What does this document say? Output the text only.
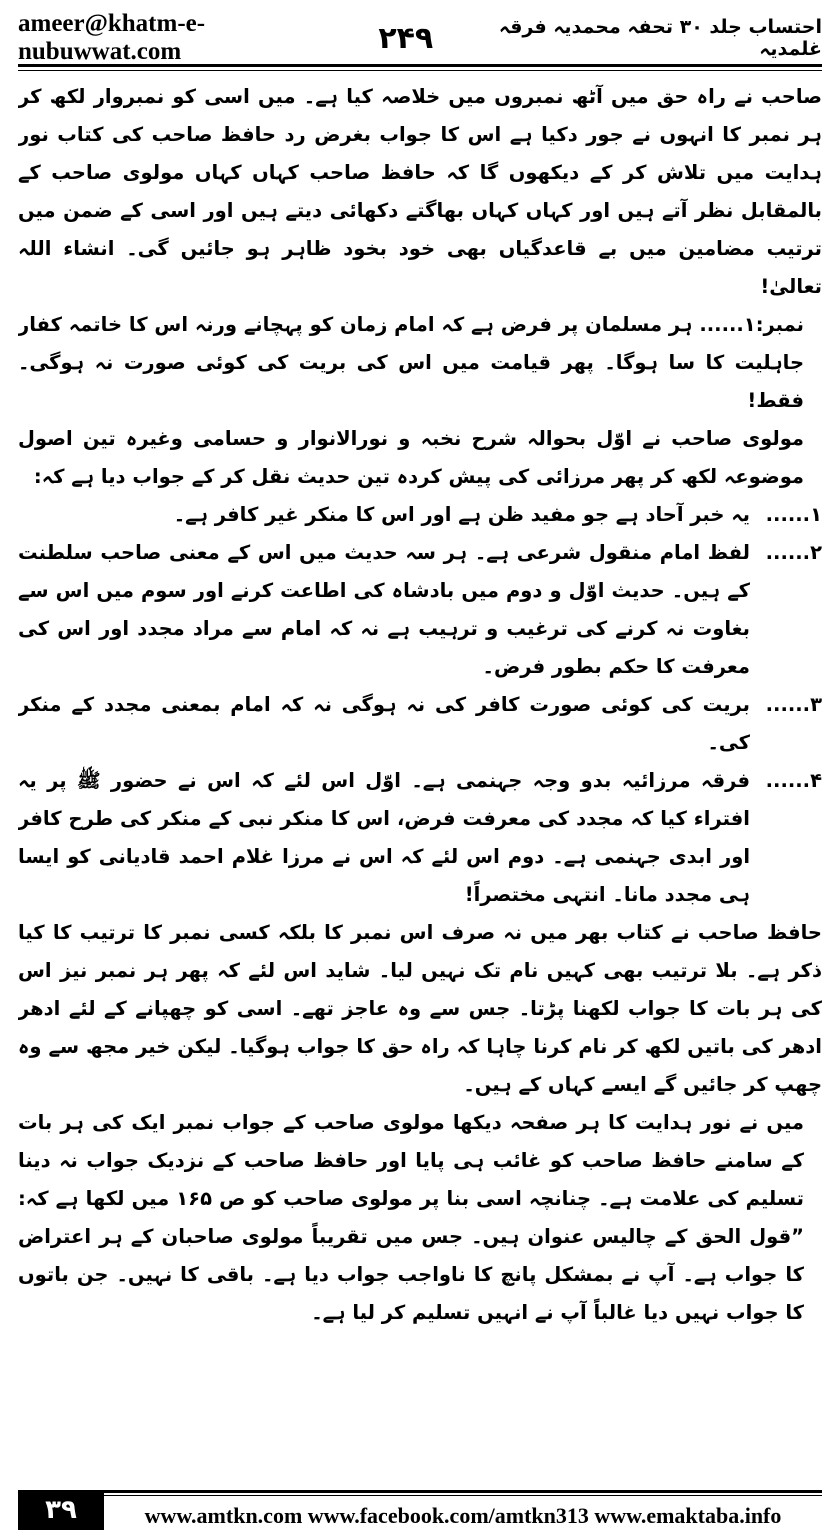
ameer@khatm-e-nubuwwat.com	۲۴۹	احتساب جلد ۳۰ تحفہ محمدیہ فرقہ غلمدیہ

صاحب نے راہ حق میں آٹھ نمبروں میں خلاصہ کیا ہے۔ میں اسی کو نمبروار لکھ کر ہر نمبر کا انہوں نے جور دکیا ہے اس کا جواب بغرض رد حافظ صاحب کی کتاب نور ہدایت میں تلاش کر کے دیکھوں گا کہ حافظ صاحب کہاں کہاں مولوی صاحب کے بالمقابل نظر آتے ہیں اور کہاں کہاں بھاگتے دکھائی دیتے ہیں اور اسی کے ضمن میں ترتیب مضامین میں بے قاعدگیاں بھی خود بخود ظاہر ہو جائیں گی۔ انشاء اللہ تعالیٰ!

نمبر:۱...... ہر مسلمان پر فرض ہے کہ امام زمان کو پہچانے ورنہ اس کا خاتمہ کفار جاہلیت کا سا ہوگا۔ پھر قیامت میں اس کی بریت کی کوئی صورت نہ ہوگی۔ فقط!

مولوی صاحب نے اوّل بحوالہ شرح نخبہ و نورالانوار و حسامی وغیرہ تین اصول موضوعہ لکھ کر پھر مرزائی کی پیش کردہ تین حدیث نقل کر کے جواب دیا ہے کہ:

۱......
یہ خبر آحاد ہے جو مفید ظن ہے اور اس کا منکر غیر کافر ہے۔
۲......
لفظ امام منقول شرعی ہے۔ ہر سہ حدیث میں اس کے معنی صاحب سلطنت کے ہیں۔ حدیث اوّل و دوم میں بادشاہ کی اطاعت کرنے اور سوم میں اس سے بغاوت نہ کرنے کی ترغیب و ترہیب ہے نہ کہ امام سے مراد مجدد اور اس کی معرفت کا حکم بطور فرض۔
۳......
بریت کی کوئی صورت کافر کی نہ ہوگی نہ کہ امام بمعنی مجدد کے منکر کی۔
۴......
فرقہ مرزائیہ بدو وجہ جہنمی ہے۔ اوّل اس لئے کہ اس نے حضور ﷺ پر یہ افتراء کیا کہ مجدد کی معرفت فرض، اس کا منکر نبی کے منکر کی طرح کافر اور ابدی جہنمی ہے۔ دوم اس لئے کہ اس نے مرزا غلام احمد قادیانی کو ایسا ہی مجدد مانا۔ انتہی مختصراً!

حافظ صاحب نے کتاب بھر میں نہ صرف اس نمبر کا بلکہ کسی نمبر کا ترتیب کا کیا ذکر ہے۔ بلا ترتیب بھی کہیں نام تک نہیں لیا۔ شاید اس لئے کہ پھر ہر نمبر نیز اس کی ہر بات کا جواب لکھنا پڑتا۔ جس سے وہ عاجز تھے۔ اسی کو چھپانے کے لئے ادھر ادھر کی باتیں لکھ کر نام کرنا چاہا کہ راہ حق کا جواب ہوگیا۔ لیکن خیر مجھ سے وہ چھپ کر جائیں گے ایسے کہاں کے ہیں۔

میں نے نور ہدایت کا ہر صفحہ دیکھا مولوی صاحب کے جواب نمبر ایک کی ہر بات کے سامنے حافظ صاحب کو غائب ہی پایا اور حافظ صاحب کے نزدیک جواب نہ دینا تسلیم کی علامت ہے۔ چنانچہ اسی بنا پر مولوی صاحب کو ص ۱۶۵ میں لکھا ہے کہ: ”قول الحق کے چالیس عنوان ہیں۔ جس میں تقریباً مولوی صاحبان کے ہر اعتراض کا جواب ہے۔ آپ نے بمشکل پانچ کا ناواجب جواب دیا ہے۔ باقی کا نہیں۔ جن باتوں کا جواب نہیں دیا غالباً آپ نے انہیں تسلیم کر لیا ہے۔

۳۹	www.amtkn.com www.facebook.com/amtkn313 www.emaktaba.info
